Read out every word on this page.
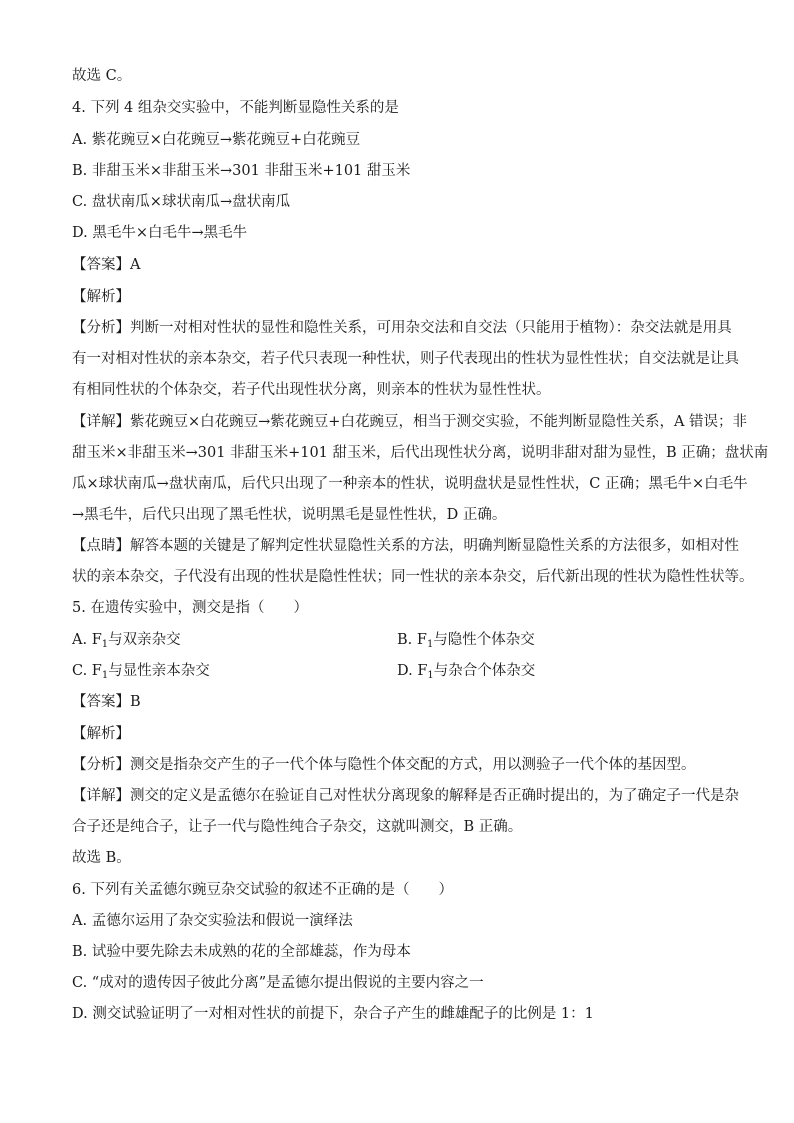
故选 C。
4. 下列 4 组杂交实验中，不能判断显隐性关系的是
A. 紫花豌豆×白花豌豆→紫花豌豆+白花豌豆
B. 非甜玉米×非甜玉米→301 非甜玉米+101 甜玉米
C. 盘状南瓜×球状南瓜→盘状南瓜
D. 黑毛牛×白毛牛→黑毛牛
【答案】A
【解析】
【分析】判断一对相对性状的显性和隐性关系，可用杂交法和自交法（只能用于植物）：杂交法就是用具
有一对相对性状的亲本杂交，若子代只表现一种性状，则子代表现出的性状为显性性状；自交法就是让具
有相同性状的个体杂交，若子代出现性状分离，则亲本的性状为显性性状。
【详解】紫花豌豆×白花豌豆→紫花豌豆+白花豌豆，相当于测交实验，不能判断显隐性关系，A 错误；非
甜玉米×非甜玉米→301 非甜玉米+101 甜玉米，后代出现性状分离，说明非甜对甜为显性，B 正确；盘状南
瓜×球状南瓜→盘状南瓜，后代只出现了一种亲本的性状，说明盘状是显性性状，C 正确；黑毛牛×白毛牛
→黑毛牛，后代只出现了黑毛性状，说明黑毛是显性性状，D 正确。
【点睛】解答本题的关键是了解判定性状显隐性关系的方法，明确判断显隐性关系的方法很多，如相对性
状的亲本杂交，子代没有出现的性状是隐性性状；同一性状的亲本杂交，后代新出现的性状为隐性性状等。
5. 在遗传实验中，测交是指（　　）
A. $F_1$与双亲杂交	B. $F_1$与隐性个体杂交
C. $F_1$与显性亲本杂交	D. $F_1$与杂合个体杂交
【答案】B
【解析】
【分析】测交是指杂交产生的子一代个体与隐性个体交配的方式，用以测验子一代个体的基因型。
【详解】测交的定义是孟德尔在验证自己对性状分离现象的解释是否正确时提出的，为了确定子一代是杂
合子还是纯合子，让子一代与隐性纯合子杂交，这就叫测交，B 正确。
故选 B。
6. 下列有关孟德尔豌豆杂交试验的叙述不正确的是（　　）
A. 孟德尔运用了杂交实验法和假说一演绎法
B. 试验中要先除去未成熟的花的全部雄蕊，作为母本
C. “成对的遗传因子彼此分离”是孟德尔提出假说的主要内容之一
D. 测交试验证明了一对相对性状的前提下，杂合子产生的雌雄配子的比例是 1：1
